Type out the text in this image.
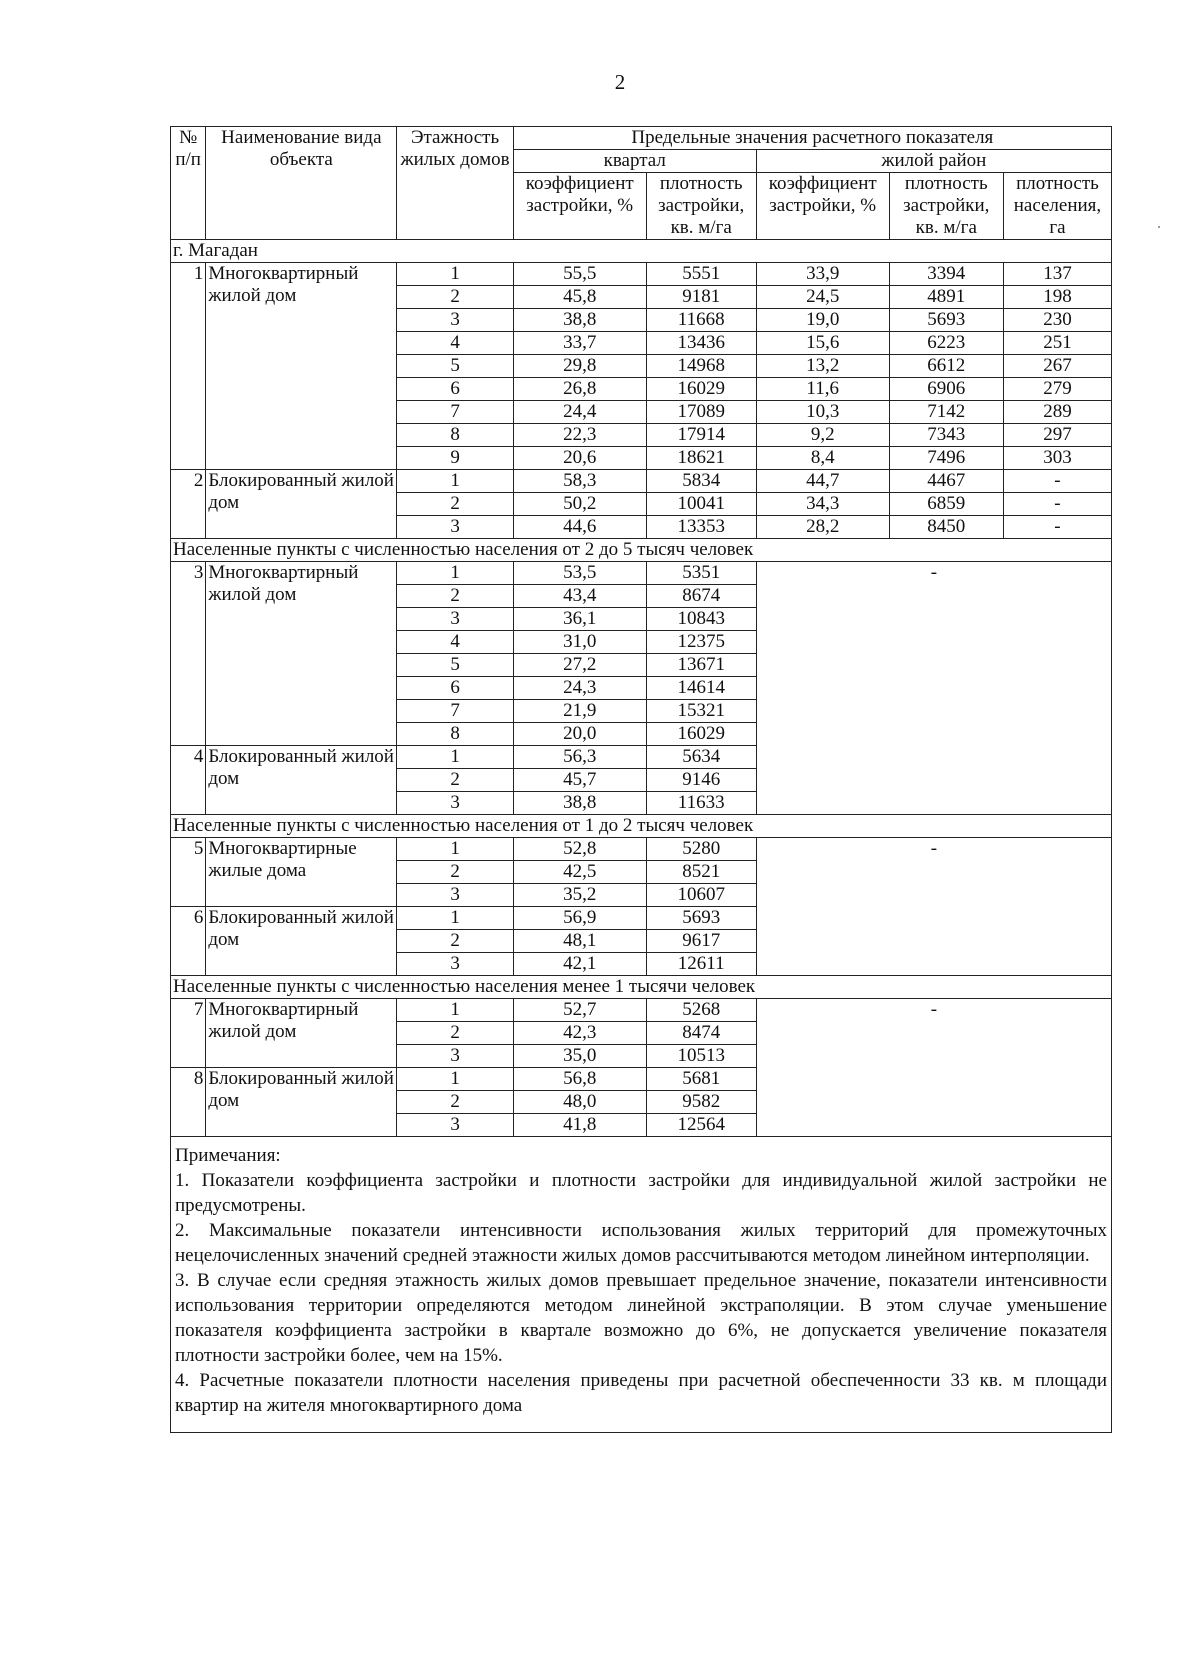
2
№ п/п	Наименование вида объекта	Этажность жилых домов	Предельные значения расчетного показателя				
			квартал		жилой район		
			коэффициент застройки, %	плотность застройки, кв. м/га	коэффициент застройки, %	плотность застройки, кв. м/га	плотность населения, га
г. Магадан							
1	Многоквартирный жилой дом	1	55,5	5551	33,9	3394	137
		2	45,8	9181	24,5	4891	198
		3	38,8	11668	19,0	5693	230
		4	33,7	13436	15,6	6223	251
		5	29,8	14968	13,2	6612	267
		6	26,8	16029	11,6	6906	279
		7	24,4	17089	10,3	7142	289
		8	22,3	17914	9,2	7343	297
		9	20,6	18621	8,4	7496	303
2	Блокированный жилой дом	1	58,3	5834	44,7	4467	-
		2	50,2	10041	34,3	6859	-
		3	44,6	13353	28,2	8450	-
Населенные пункты с численностью населения от 2 до 5 тысяч человек							
3	Многоквартирный жилой дом	1	53,5	5351	-		
		2	43,4	8674			
		3	36,1	10843			
		4	31,0	12375			
		5	27,2	13671			
		6	24,3	14614			
		7	21,9	15321			
		8	20,0	16029			
4	Блокированный жилой дом	1	56,3	5634			
		2	45,7	9146			
		3	38,8	11633			
Населенные пункты с численностью населения от 1 до 2 тысяч человек							
5	Многоквартирные жилые дома	1	52,8	5280	-		
		2	42,5	8521			
		3	35,2	10607			
6	Блокированный жилой дом	1	56,9	5693			
		2	48,1	9617			
		3	42,1	12611			
Населенные пункты с численностью населения менее 1 тысячи человек							
7	Многоквартирный жилой дом	1	52,7	5268	-		
		2	42,3	8474			
		3	35,0	10513			
8	Блокированный жилой дом	1	56,8	5681			
		2	48,0	9582			
		3	41,8	12564			

Примечания:

1. Показатели коэффициента застройки и плотности застройки для индивидуальной жилой застройки не предусмотрены.

2. Максимальные показатели интенсивности использования жилых территорий для промежуточных нецелочисленных значений средней этажности жилых домов рассчитываются методом линейном интерполяции.

3. В случае если средняя этажность жилых домов превышает предельное значение, показатели интенсивности использования территории определяются методом линейной экстраполяции. В этом случае уменьшение показателя коэффициента застройки в квартале возможно до 6%, не допускается увеличение показателя плотности застройки более, чем на 15%.

4. Расчетные показатели плотности населения приведены при расчетной обеспеченности 33 кв. м площади квартир на жителя многоквартирного дома
